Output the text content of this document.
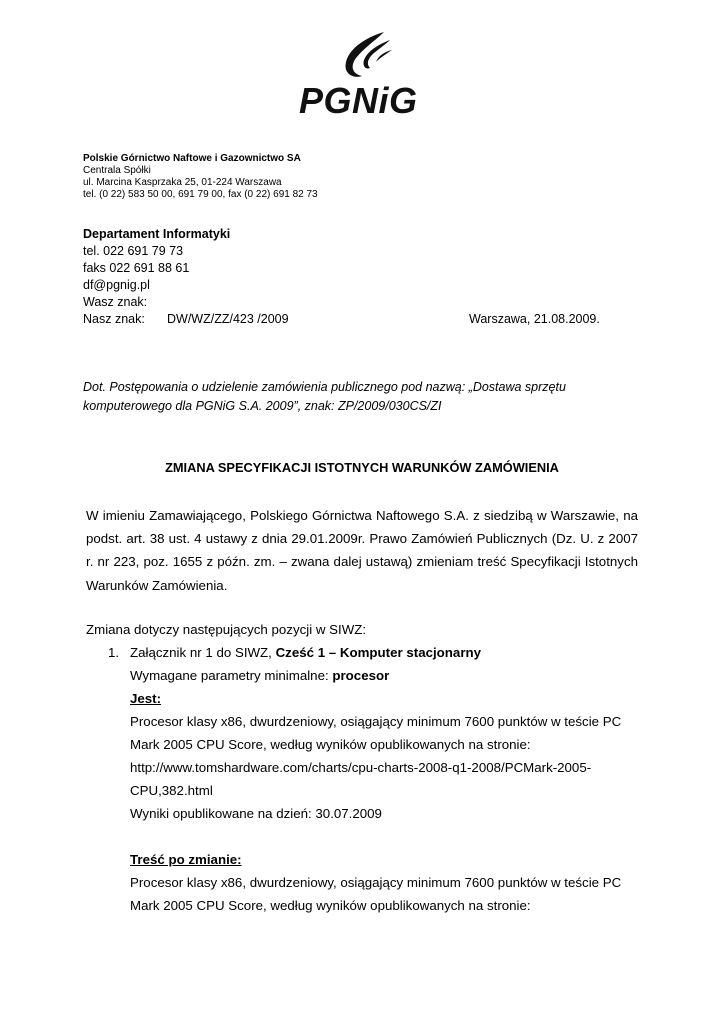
PGNiG
Polskie Górnictwo Naftowe i Gazownictwo SA
Centrala Spółki
ul. Marcina Kasprzaka 25, 01-224 Warszawa
tel. (0 22) 583 50 00, 691 79 00, fax (0 22) 691 82 73
Departament Informatyki
tel. 022 691 79 73
faks 022 691 88 61
df@pgnig.pl
Wasz znak:
Nasz znak: DW/WZ/ZZ/423 /2009	Warszawa, 21.08.2009.
Dot. Postępowania o udzielenie zamówienia publicznego pod nazwą: „Dostawa sprzętu
komputerowego dla PGNiG S.A. 2009”, znak: ZP/2009/030CS/ZI
ZMIANA SPECYFIKACJI ISTOTNYCH WARUNKÓW ZAMÓWIENIA
W imieniu Zamawiającego, Polskiego Górnictwa Naftowego S.A. z siedzibą w Warszawie, na podst. art. 38 ust. 4 ustawy z dnia 29.01.2009r. Prawo Zamówień Publicznych (Dz. U. z 2007 r. nr 223, poz. 1655 z późn. zm. – zwana dalej ustawą) zmieniam treść Specyfikacji Istotnych Warunków Zamówienia.
Zmiana dotyczy następujących pozycji w SIWZ:
1. Załącznik nr 1 do SIWZ, Cześć 1 – Komputer stacjonarny
Wymagane parametry minimalne: procesor
Jest:
Procesor klasy x86, dwurdzeniowy, osiągający minimum 7600 punktów w teście PC
Mark 2005 CPU Score, według wyników opublikowanych na stronie:
http://www.tomshardware.com/charts/cpu-charts-2008-q1-2008/PCMark-2005-
CPU,382.html
Wyniki opublikowane na dzień: 30.07.2009
Treść po zmianie:
Procesor klasy x86, dwurdzeniowy, osiągający minimum 7600 punktów w teście PC
Mark 2005 CPU Score, według wyników opublikowanych na stronie:
